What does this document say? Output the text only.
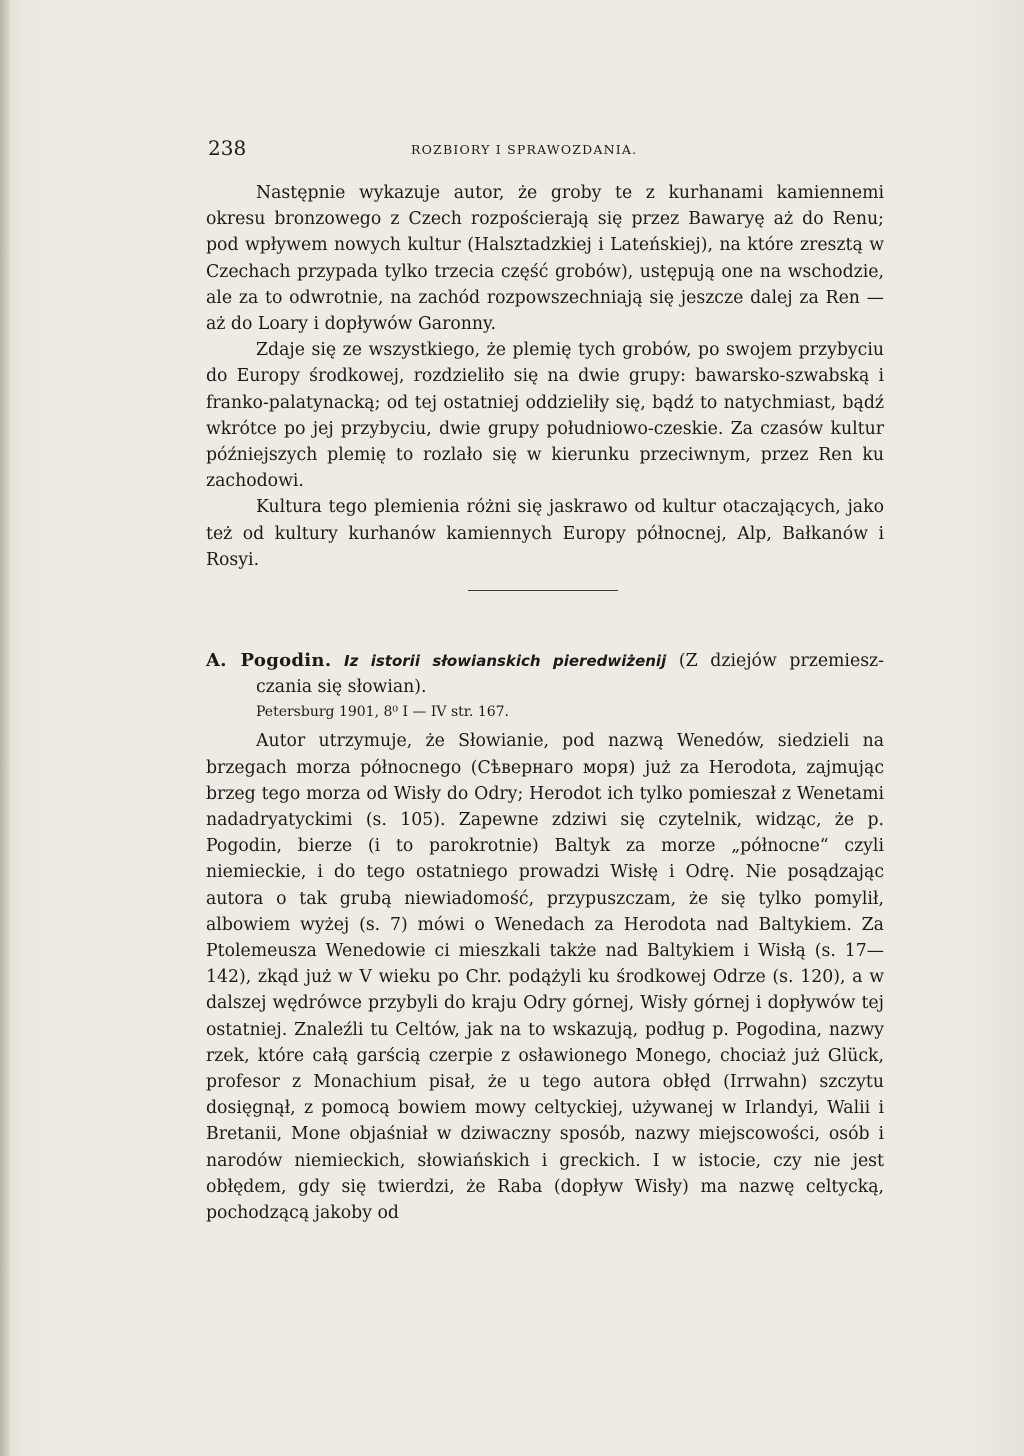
238	ROZBIORY I SPRAWOZDANIA.

Następnie wykazuje autor, że groby te z kurhanami kamiennemi okresu bronzowego z Czech rozpościerają się przez Bawaryę aż do Renu; pod wpływem nowych kultur (Halsztadzkiej i Lateńskiej), na które zresztą w Czechach przypada tylko trzecia część grobów), ustępują one na wschodzie, ale za to odwrotnie, na zachód rozpowszechniają się jeszcze dalej za Ren — aż do Loary i dopływów Garonny.

Zdaje się ze wszystkiego, że plemię tych grobów, po swojem przybyciu do Europy środkowej, rozdzieliło się na dwie grupy: bawarsko-szwabską i franko-palatynacką; od tej ostatniej oddzieliły się, bądź to natychmiast, bądź wkrótce po jej przybyciu, dwie grupy południowo-czeskie. Za czasów kultur późniejszych plemię to rozlało się w kierunku przeciwnym, przez Ren ku zachodowi.

Kultura tego plemienia różni się jaskrawo od kultur otaczających, jako też od kultury kurhanów kamiennych Europy północnej, Alp, Bałkanów i Rosyi.

A. Pogodin. Iz istorii słowianskich pieredwiżenij (Z dziejów przemiesz-
czania się słowian).
Petersburg 1901, 8⁰ I — IV str. 167.

Autor utrzymuje, że Słowianie, pod nazwą Wenedów, siedzieli na brzegach morza północnego (Сѣвернаго моря) już za Herodota, zajmując brzeg tego morza od Wisły do Odry; Herodot ich tylko pomieszał z Wenetami nadadryatyckimi (s. 105). Zapewne zdziwi się czytelnik, widząc, że p. Pogodin, bierze (i to parokrotnie) Baltyk za morze „północne“ czyli niemieckie, i do tego ostatniego prowadzi Wisłę i Odrę. Nie posądzając autora o tak grubą niewiadomość, przypuszczam, że się tylko pomylił, albowiem wyżej (s. 7) mówi o Wenedach za Herodota nad Baltykiem. Za Ptolemeusza Wenedowie ci mieszkali także nad Baltykiem i Wisłą (s. 17—142), zkąd już w V wieku po Chr. podążyli ku środkowej Odrze (s. 120), a w dalszej wędrówce przybyli do kraju Odry górnej, Wisły górnej i dopływów tej ostatniej. Znaleźli tu Celtów, jak na to wskazują, podług p. Pogodina, nazwy rzek, które całą garścią czerpie z osławionego Monego, chociaż już Glück, profesor z Monachium pisał, że u tego autora obłęd (Irrwahn) szczytu dosięgnął, z pomocą bowiem mowy celtyckiej, używanej w Irlandyi, Walii i Bretanii, Mone objaśniał w dziwaczny sposób, nazwy miejscowości, osób i narodów niemieckich, słowiańskich i greckich. I w istocie, czy nie jest obłędem, gdy się twierdzi, że Raba (dopływ Wisły) ma nazwę celtycką, pochodzącą jakoby od
